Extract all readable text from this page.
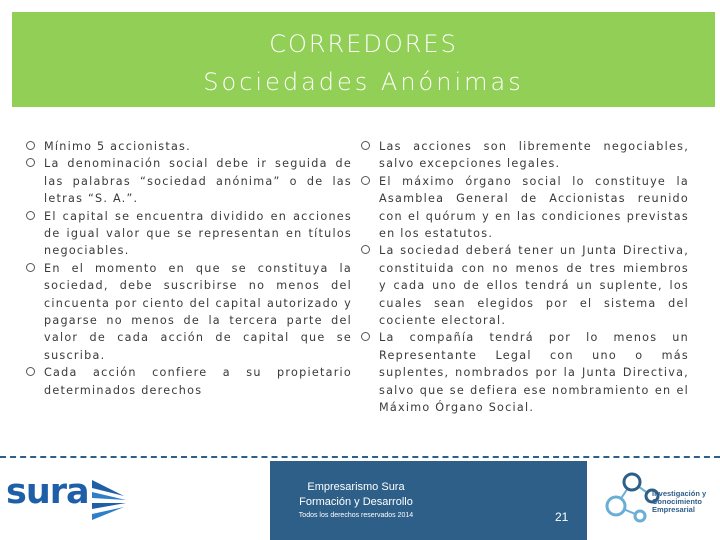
CORREDORES
Sociedades Anónimas
Mínimo 5 accionistas.
La denominación social debe ir seguida de las palabras “sociedad anónima” o de las letras “S. A.”.
El capital se encuentra dividido en acciones de igual valor que se representan en títulos negociables.
En el momento en que se constituya la sociedad, debe suscribirse no menos del cincuenta por ciento del capital autorizado y pagarse no menos de la tercera parte del valor de cada acción de capital que se suscriba.
Cada acción confiere a su propietario determinados derechos
Las acciones son libremente negociables, salvo excepciones legales.
El máximo órgano social lo constituye la Asamblea General de Accionistas reunido con el quórum y en las condiciones previstas en los estatutos.
La sociedad deberá tener un Junta Directiva, constituida con no menos de tres miembros y cada uno de ellos tendrá un suplente, los cuales sean elegidos por el sistema del cociente electoral.
La compañía tendrá por lo menos un Representante Legal con uno o más suplentes, nombrados por la Junta Directiva, salvo que se defiera ese nombramiento en el Máximo Órgano Social.
sura	Empresarismo Sura
Formación y Desarrollo
Todos los derechos reservados 2014	21
Investigación y
Conocimiento
Empresarial
